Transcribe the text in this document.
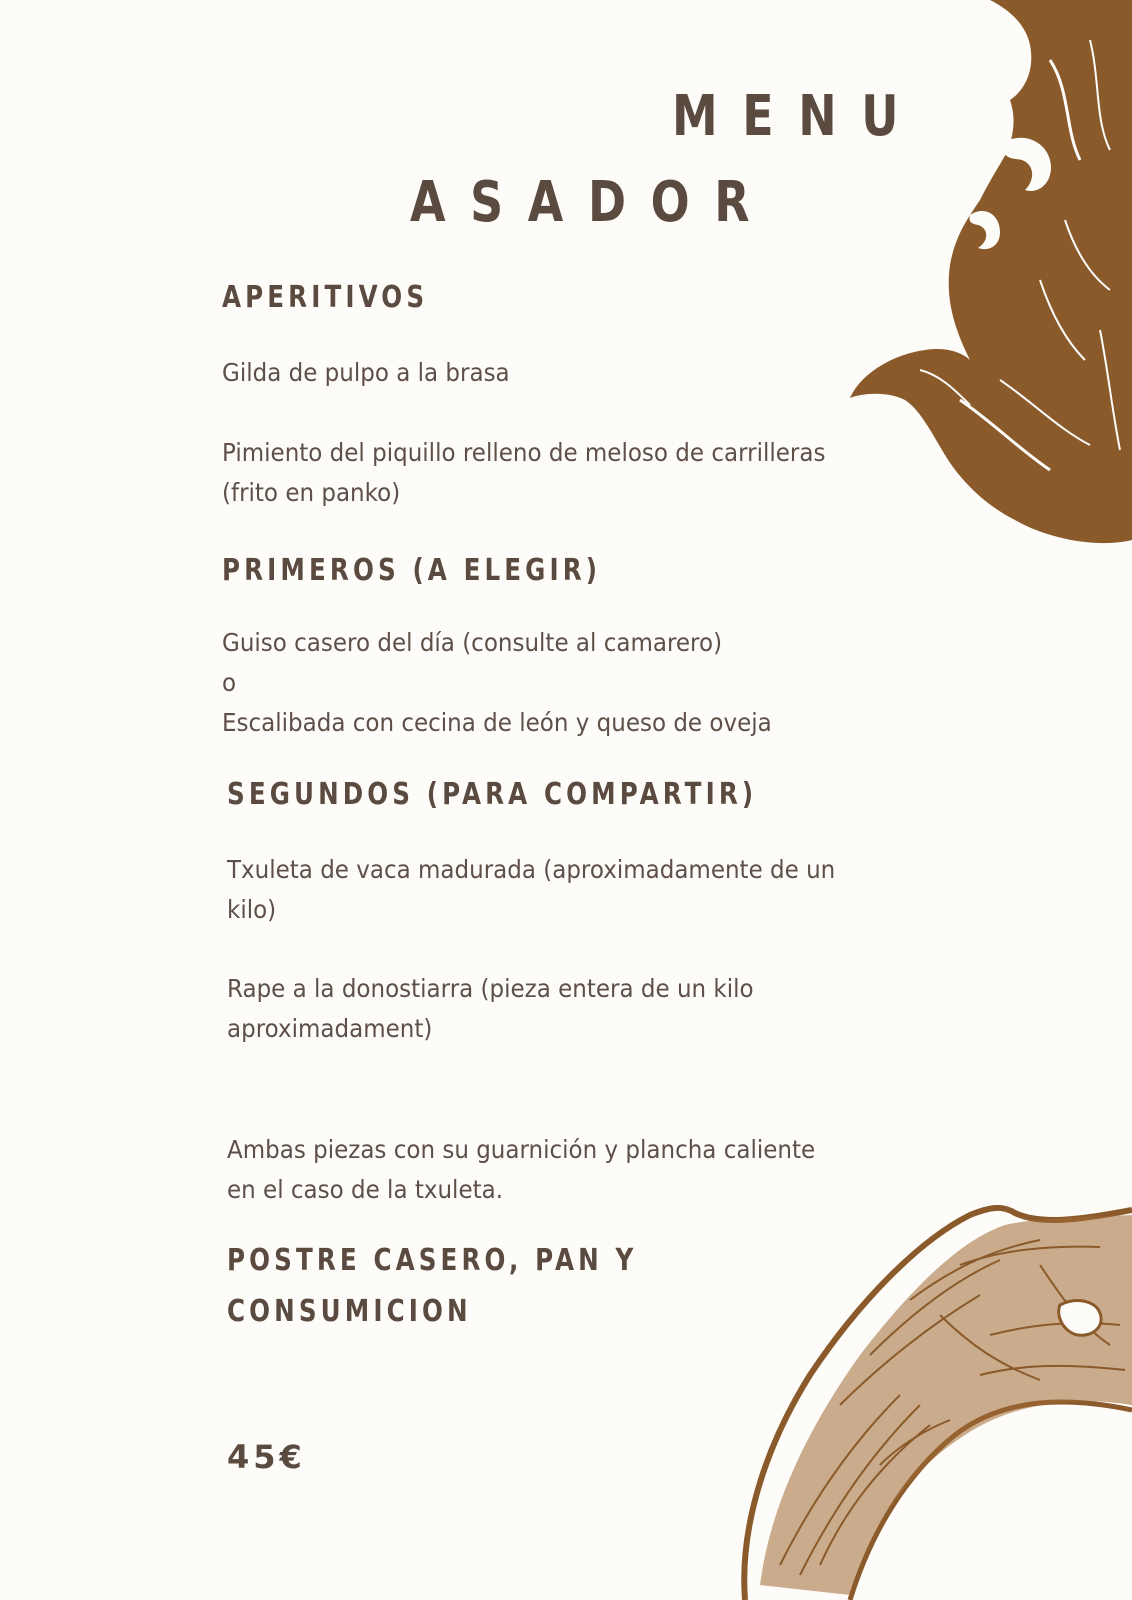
MENU
ASADOR
APERITIVOS
Gilda de pulpo a la brasa
Pimiento del piquillo relleno de meloso de carrilleras
(frito en panko)
PRIMEROS (A ELEGIR)
Guiso casero del día (consulte al camarero)
o
Escalibada con cecina de león y queso de oveja
SEGUNDOS (PARA COMPARTIR)
Txuleta de vaca madurada (aproximadamente de un
kilo)
Rape a la donostiarra (pieza entera de un kilo
aproximadament)
Ambas piezas con su guarnición y plancha caliente
en el caso de la txuleta.
POSTRE CASERO, PAN Y
CONSUMICION
45€
